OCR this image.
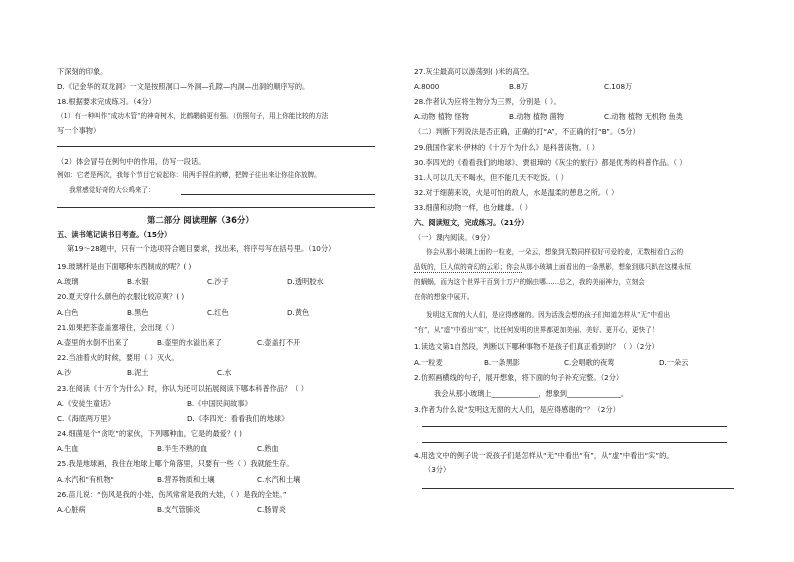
下深刻的印象。
D.《记金华的双龙洞》一文是按照洞口—外洞—孔隙—内洞—出洞的顺序写的。
18.根据要求完成练习。（4分）
（1）有一种叫作“成功木管”的神奇树木，比鹤鹕鸫更有强。（仿照句子，用上你能比较的方法
写一个事物）
（2）体会冒号在例句中的作用，仿写一段话。
例如：它老是两次，我每个节目它说起你：用两手捏住的蟒，把牌子往出来让你往你放牌。
我常感觉好奇的大公鸡来了：
第二部分 阅读理解（36分）
五、读书笔记读书日考查。（15分）
第19～28题中，只有一个选项符合题目要求，找出来，将序号写在括号里。（10分）
19.玻璃杆是由下面哪种东西制成的呢？( )
A.玻璃	B.水银	C.沙子	D.透明胶水
20.夏天穿什么颜色的衣服比较凉爽？( )
A.白色	B.黑色	C.红色	D.黄色
21.如果把茶壶盖塞堵住，会出现（ ）
A.壶里的水倒不出来了	B.壶里的水溢出来了	C.壶盖打不开
22.当油着火的时候，要用（ ）灭火。
A.沙	B.泥土	C.水
23.在阅读《十万个为什么》时，你认为还可以拓展阅读下哪本科普作品？（ ）
A.《安徒生童话》	B.《中国民间故事》
C.《海底两万里》	D.《李四光：看看我们的地球》
24.细菌是个“贪吃”的家伙，下列哪种血，它是的最爱？( )
A.生血	B.半生不熟的血	C.熟血
25.我是地球画，我住在地球上哪个角落里，只要有一些（ ）我就能生存。
A.水汽和"有机物"	B.营养物质和土壤	C.水汽和土壤
26.苗儿说：“伤风是我的小娃，伤风常常是我的大娃，（ ）是我的全娃。”
A.心脏病	B.支气管肺炎	C.肠胃炎
27.灰尘最高可以游荡到( )米的高空。
A.8000	B.8万	C.108万
28.作者认为应将生物分为三界，分别是（ ）。
A.动物 植物 怪物	B.动物 植物 菌物	C.动物 植物 无机物 鱼类
（二）判断下列说法是否正确，正确的打“A”，不正确的打“B”。（5分）
29.俄国作家米·伊林的《十万个为什么》是科普读物。（ ）
30.李四光的《看看我们的地球》、贾祖璋的《灰尘的旅行》都是优秀的科普作品。（ ）
31.人可以几天不喝水，但不能几天不吃饭。（ ）
32.对于细菌来说，火是可怕的敌人，水是温柔的憩息之所。（ ）
33.细菌和动物一样，也分雌雄。（ ）
六、阅读短文，完成练习。（21分）
（一）课内阅读。（9分）
你会从那小玻璃上面的一粒麦，一朵云，想象到无数同样很好可爱的麦，无数相看白云的
品妩的，巨人似的奇幻的云彩；你会从那小玻璃上面看出的一条黑影，想象到那只趴在这棵永恒
的蜗蜗，而为这个世界干百到十万户的蜗虫哪……总之，我的美丽神力，立刻会
在你的想象中展开。
发明这无窗的大人们，是应得感谢的。因为活泼会想的孩子们知道怎样从“无”中看出
“有”，从“虚”中看出“实”，比任何发明的世界都更加美丽、美好、更开心，更快了！
1.读选文第1自然段，判断以下哪种事物不是孩子们真正看到的？（ ）（2分）
A.一粒麦	B.一条黑影	C.会唱歌的夜莺	D.一朵云
2.仿照画横线的句子，展开想象，将下面的句子补充完整。（2分）
我会从那小玻璃上_____________，想象到_______________。
3.作者为什么说“发明这无窗的大人们，是应得感谢的”？（2分）
4.用选文中的例子说一说孩子们是怎样从“无”中看出“有”，从“虚”中看出“实”的。
（3分）
